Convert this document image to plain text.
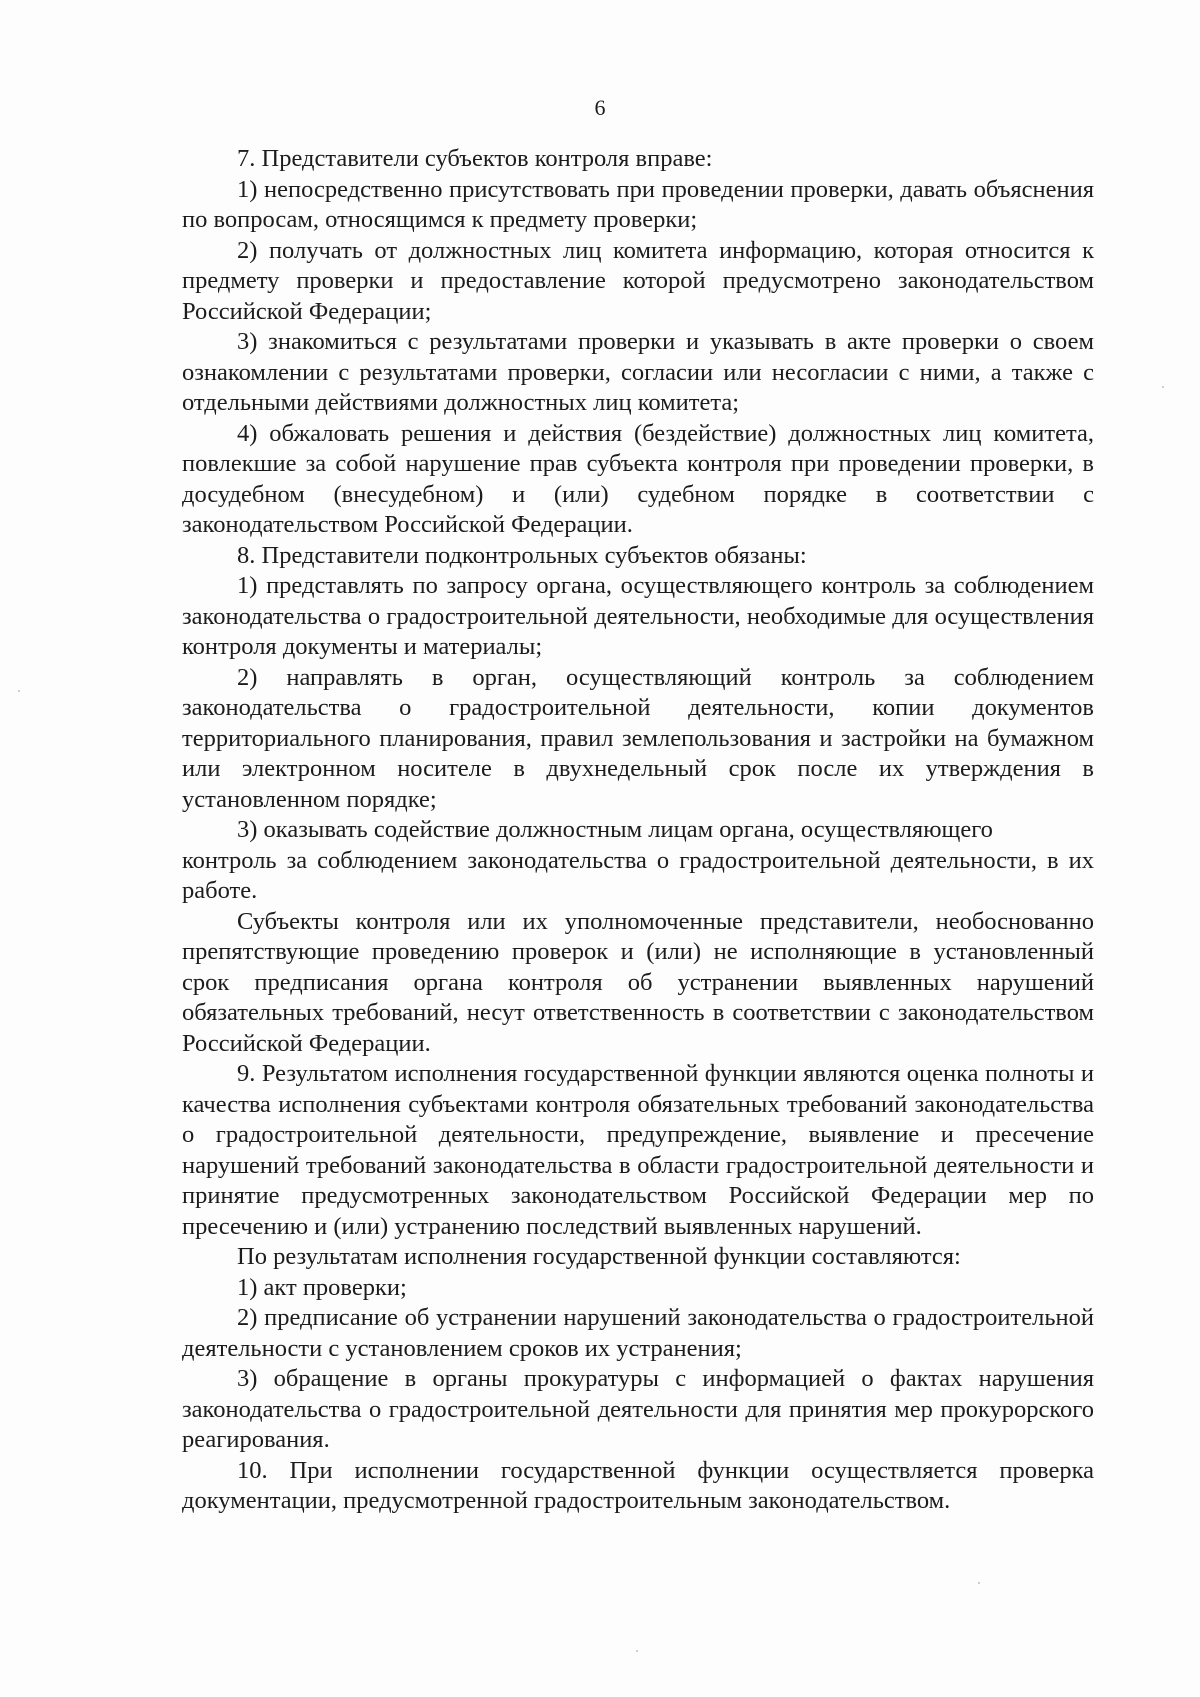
6

7. Представители субъектов контроля вправе:

1) непосредственно присутствовать при проведении проверки, давать объяснения по вопросам, относящимся к предмету проверки;

2) получать от должностных лиц комитета информацию, которая относится к предмету проверки и предоставление которой предусмотрено законодательством Российской Федерации;

3) знакомиться с результатами проверки и указывать в акте проверки о своем ознакомлении с результатами проверки, согласии или несогласии с ними, а также с отдельными действиями должностных лиц комитета;

4) обжаловать решения и действия (бездействие) должностных лиц комитета, повлекшие за собой нарушение прав субъекта контроля при проведении проверки, в досудебном (внесудебном) и (или) судебном порядке в соответствии с законодательством Российской Федерации.

8. Представители подконтрольных субъектов обязаны:

1) представлять по запросу органа, осуществляющего контроль за соблюдением законодательства о градостроительной деятельности, необходимые для осуществления контроля документы и материалы;

2) направлять в орган, осуществляющий контроль за соблюдением законодательства о градостроительной деятельности, копии документов территориального планирования, правил землепользования и застройки на бумажном или электронном носителе в двухнедельный срок после их утверждения в установленном порядке;

3) оказывать содействие должностным лицам органа, осуществляющего

контроль за соблюдением законодательства о градостроительной деятельности, в их работе.

Субъекты контроля или их уполномоченные представители, необоснованно препятствующие проведению проверок и (или) не исполняющие в установленный срок предписания органа контроля об устранении выявленных нарушений обязательных требований, несут ответственность в соответствии с законодательством Российской Федерации.

9. Результатом исполнения государственной функции являются оценка полноты и качества исполнения субъектами контроля обязательных требований законодательства о градостроительной деятельности, предупреждение, выявление и пресечение нарушений требований законодательства в области градостроительной деятельности и принятие предусмотренных законодательством Российской Федерации мер по пресечению и (или) устранению последствий выявленных нарушений.

По результатам исполнения государственной функции составляются:

1) акт проверки;

2) предписание об устранении нарушений законодательства о градостроительной деятельности с установлением сроков их устранения;

3) обращение в органы прокуратуры с информацией о фактах нарушения законодательства о градостроительной деятельности для принятия мер прокурорского реагирования.

10. При исполнении государственной функции осуществляется проверка документации, предусмотренной градостроительным законодательством.
